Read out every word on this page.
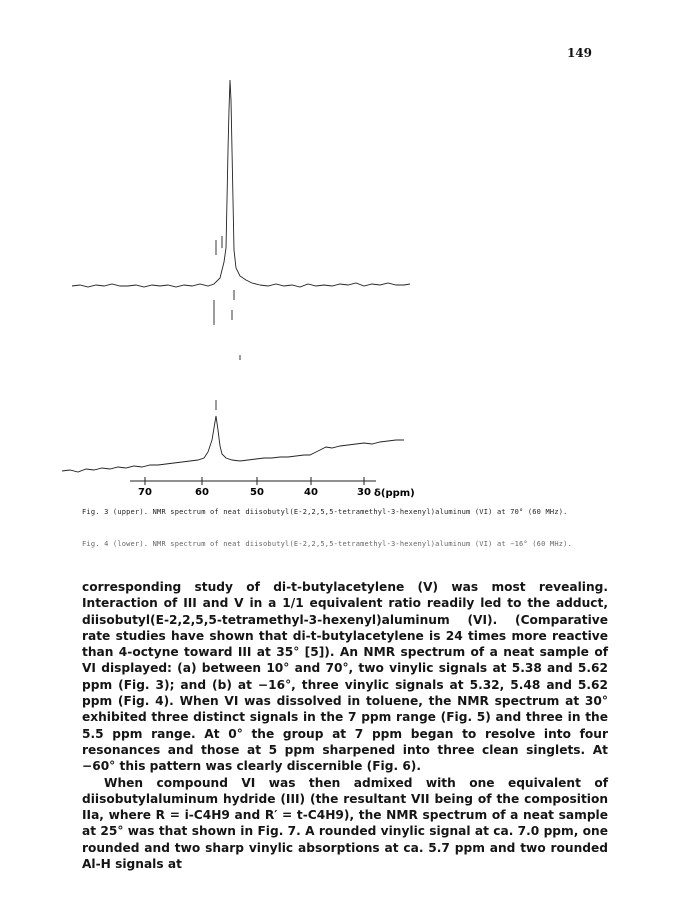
149
70	60	50	40	30 δ(ppm)
Fig. 3 (upper). NMR spectrum of neat diisobutyl(E-2,2,5,5-tetramethyl-3-hexenyl)aluminum (VI) at 70° (60 MHz).
Fig. 4 (lower). NMR spectrum of neat diisobutyl(E-2,2,5,5-tetramethyl-3-hexenyl)aluminum (VI) at −16° (60 MHz).

corresponding study of di-t-butylacetylene (V) was most revealing. Interaction of III and V in a 1/1 equivalent ratio readily led to the adduct, diisobutyl(E-2,2,5,5-tetramethyl-3-hexenyl)aluminum (VI). (Comparative rate studies have shown that di-t-butylacetylene is 24 times more reactive than 4-octyne toward III at 35° [5]). An NMR spectrum of a neat sample of VI displayed: (a) between 10° and 70°, two vinylic signals at 5.38 and 5.62 ppm (Fig. 3); and (b) at −16°, three vinylic signals at 5.32, 5.48 and 5.62 ppm (Fig. 4). When VI was dissolved in toluene, the NMR spectrum at 30° exhibited three distinct signals in the 7 ppm range (Fig. 5) and three in the 5.5 ppm range. At 0° the group at 7 ppm began to resolve into four resonances and those at 5 ppm sharpened into three clean singlets. At −60° this pattern was clearly discernible (Fig. 6).

When compound VI was then admixed with one equivalent of diisobutylaluminum hydride (III) (the resultant VII being of the composition IIa, where R = i-C4H9 and R′ = t-C4H9), the NMR spectrum of a neat sample at 25° was that shown in Fig. 7. A rounded vinylic signal at ca. 7.0 ppm, one rounded and two sharp vinylic absorptions at ca. 5.7 ppm and two rounded Al-H signals at
